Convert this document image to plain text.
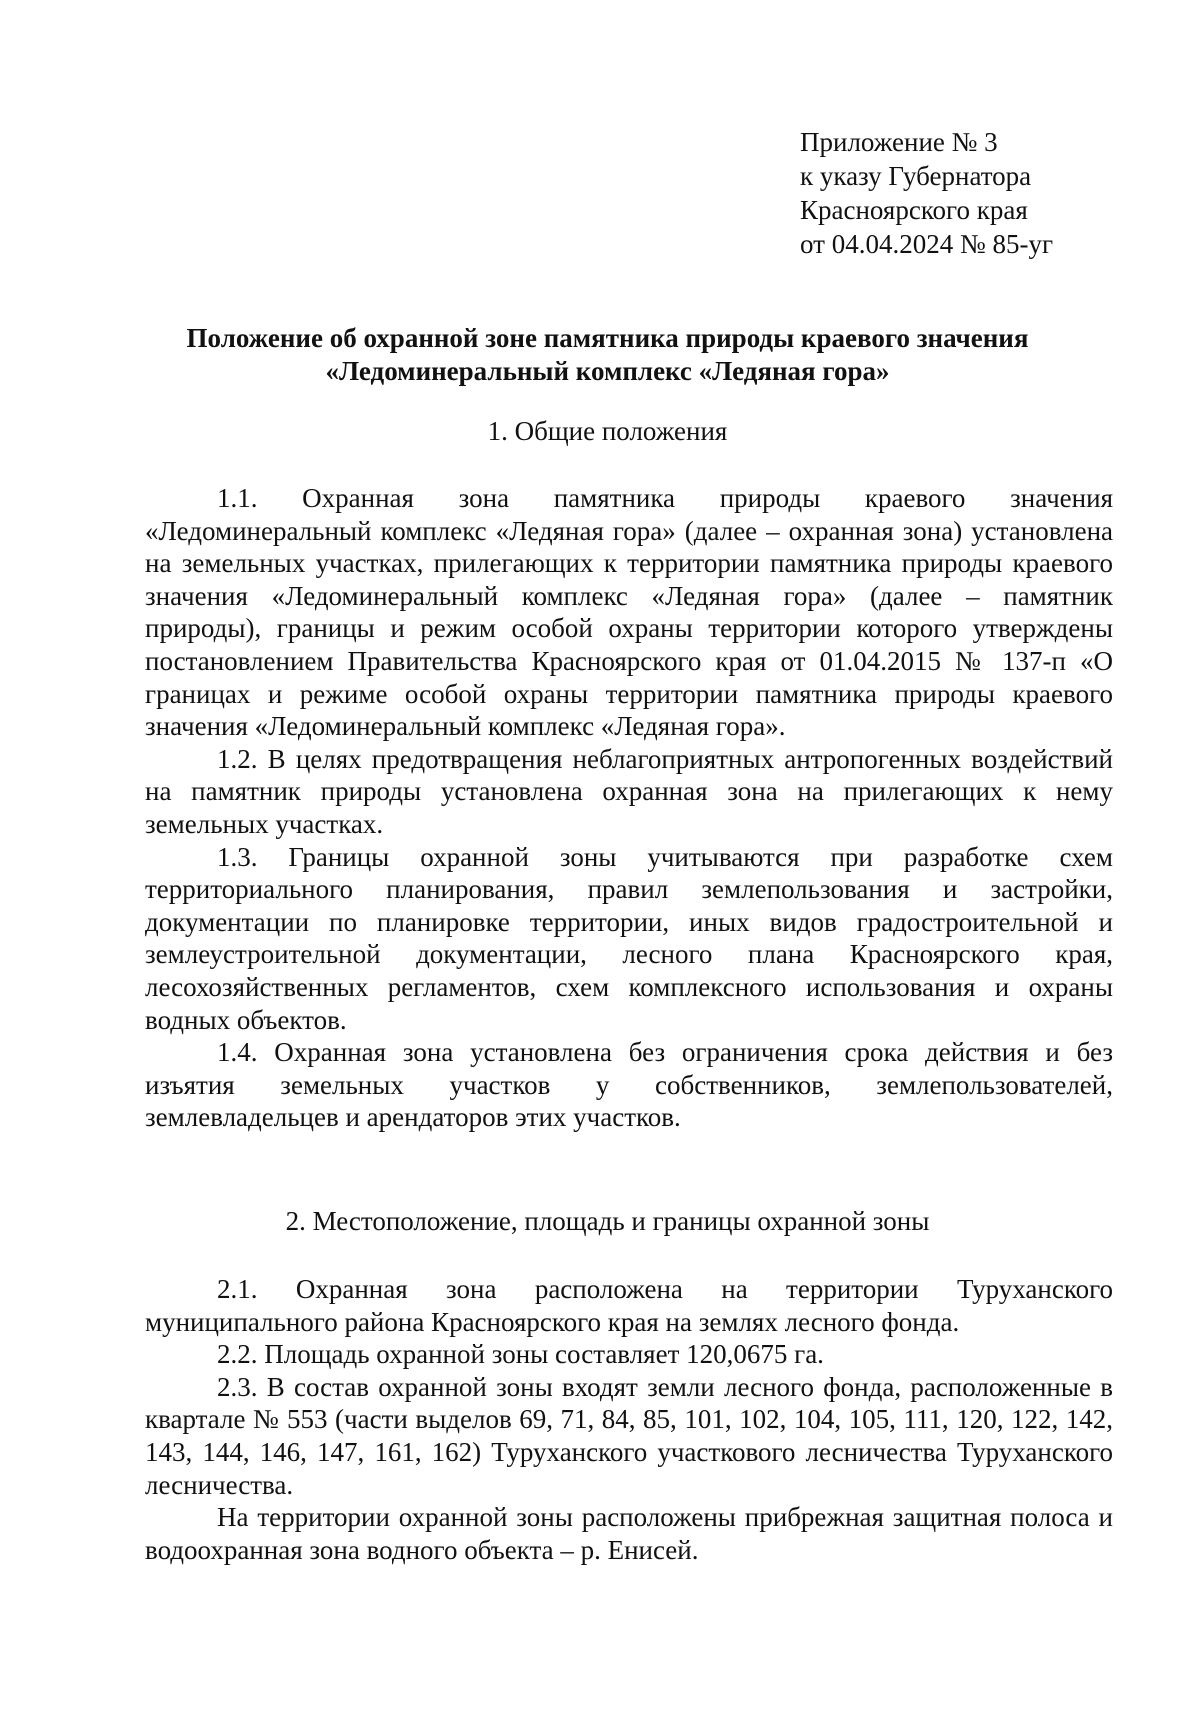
Приложение № 3
к указу Губернатора
Красноярского края
от 04.04.2024 № 85-уг
Положение об охранной зоне памятника природы краевого значения
«Ледоминеральный комплекс «Ледяная гора»
1. Общие положения

1.1. Охранная зона памятника природы краевого значения «Ледоминеральный комплекс «Ледяная гора» (далее – охранная зона) установлена на земельных участках, прилегающих к территории памятника природы краевого значения «Ледоминеральный комплекс «Ледяная гора» (далее – памятник природы), границы и режим особой охраны территории которого утверждены постановлением Правительства Красноярского края от 01.04.2015 № 137-п «О границах и режиме особой охраны территории памятника природы краевого значения «Ледоминеральный комплекс «Ледяная гора».

1.2. В целях предотвращения неблагоприятных антропогенных воздействий на памятник природы установлена охранная зона на прилегающих к нему земельных участках.

1.3. Границы охранной зоны учитываются при разработке схем территориального планирования, правил землепользования и застройки, документации по планировке территории, иных видов градостроительной и землеустроительной документации, лесного плана Красноярского края, лесохозяйственных регламентов, схем комплексного использования и охраны водных объектов.

1.4. Охранная зона установлена без ограничения срока действия и без изъятия земельных участков у собственников, землепользователей, землевладельцев и арендаторов этих участков.

2. Местоположение, площадь и границы охранной зоны

2.1. Охранная зона расположена на территории Туруханского муниципального района Красноярского края на землях лесного фонда.

2.2. Площадь охранной зоны составляет 120,0675 га.

2.3. В состав охранной зоны входят земли лесного фонда, расположенные в квартале № 553 (части выделов 69, 71, 84, 85, 101, 102, 104, 105, 111, 120, 122, 142, 143, 144, 146, 147, 161, 162) Туруханского участкового лесничества Туруханского лесничества.

На территории охранной зоны расположены прибрежная защитная полоса и водоохранная зона водного объекта – р. Енисей.
